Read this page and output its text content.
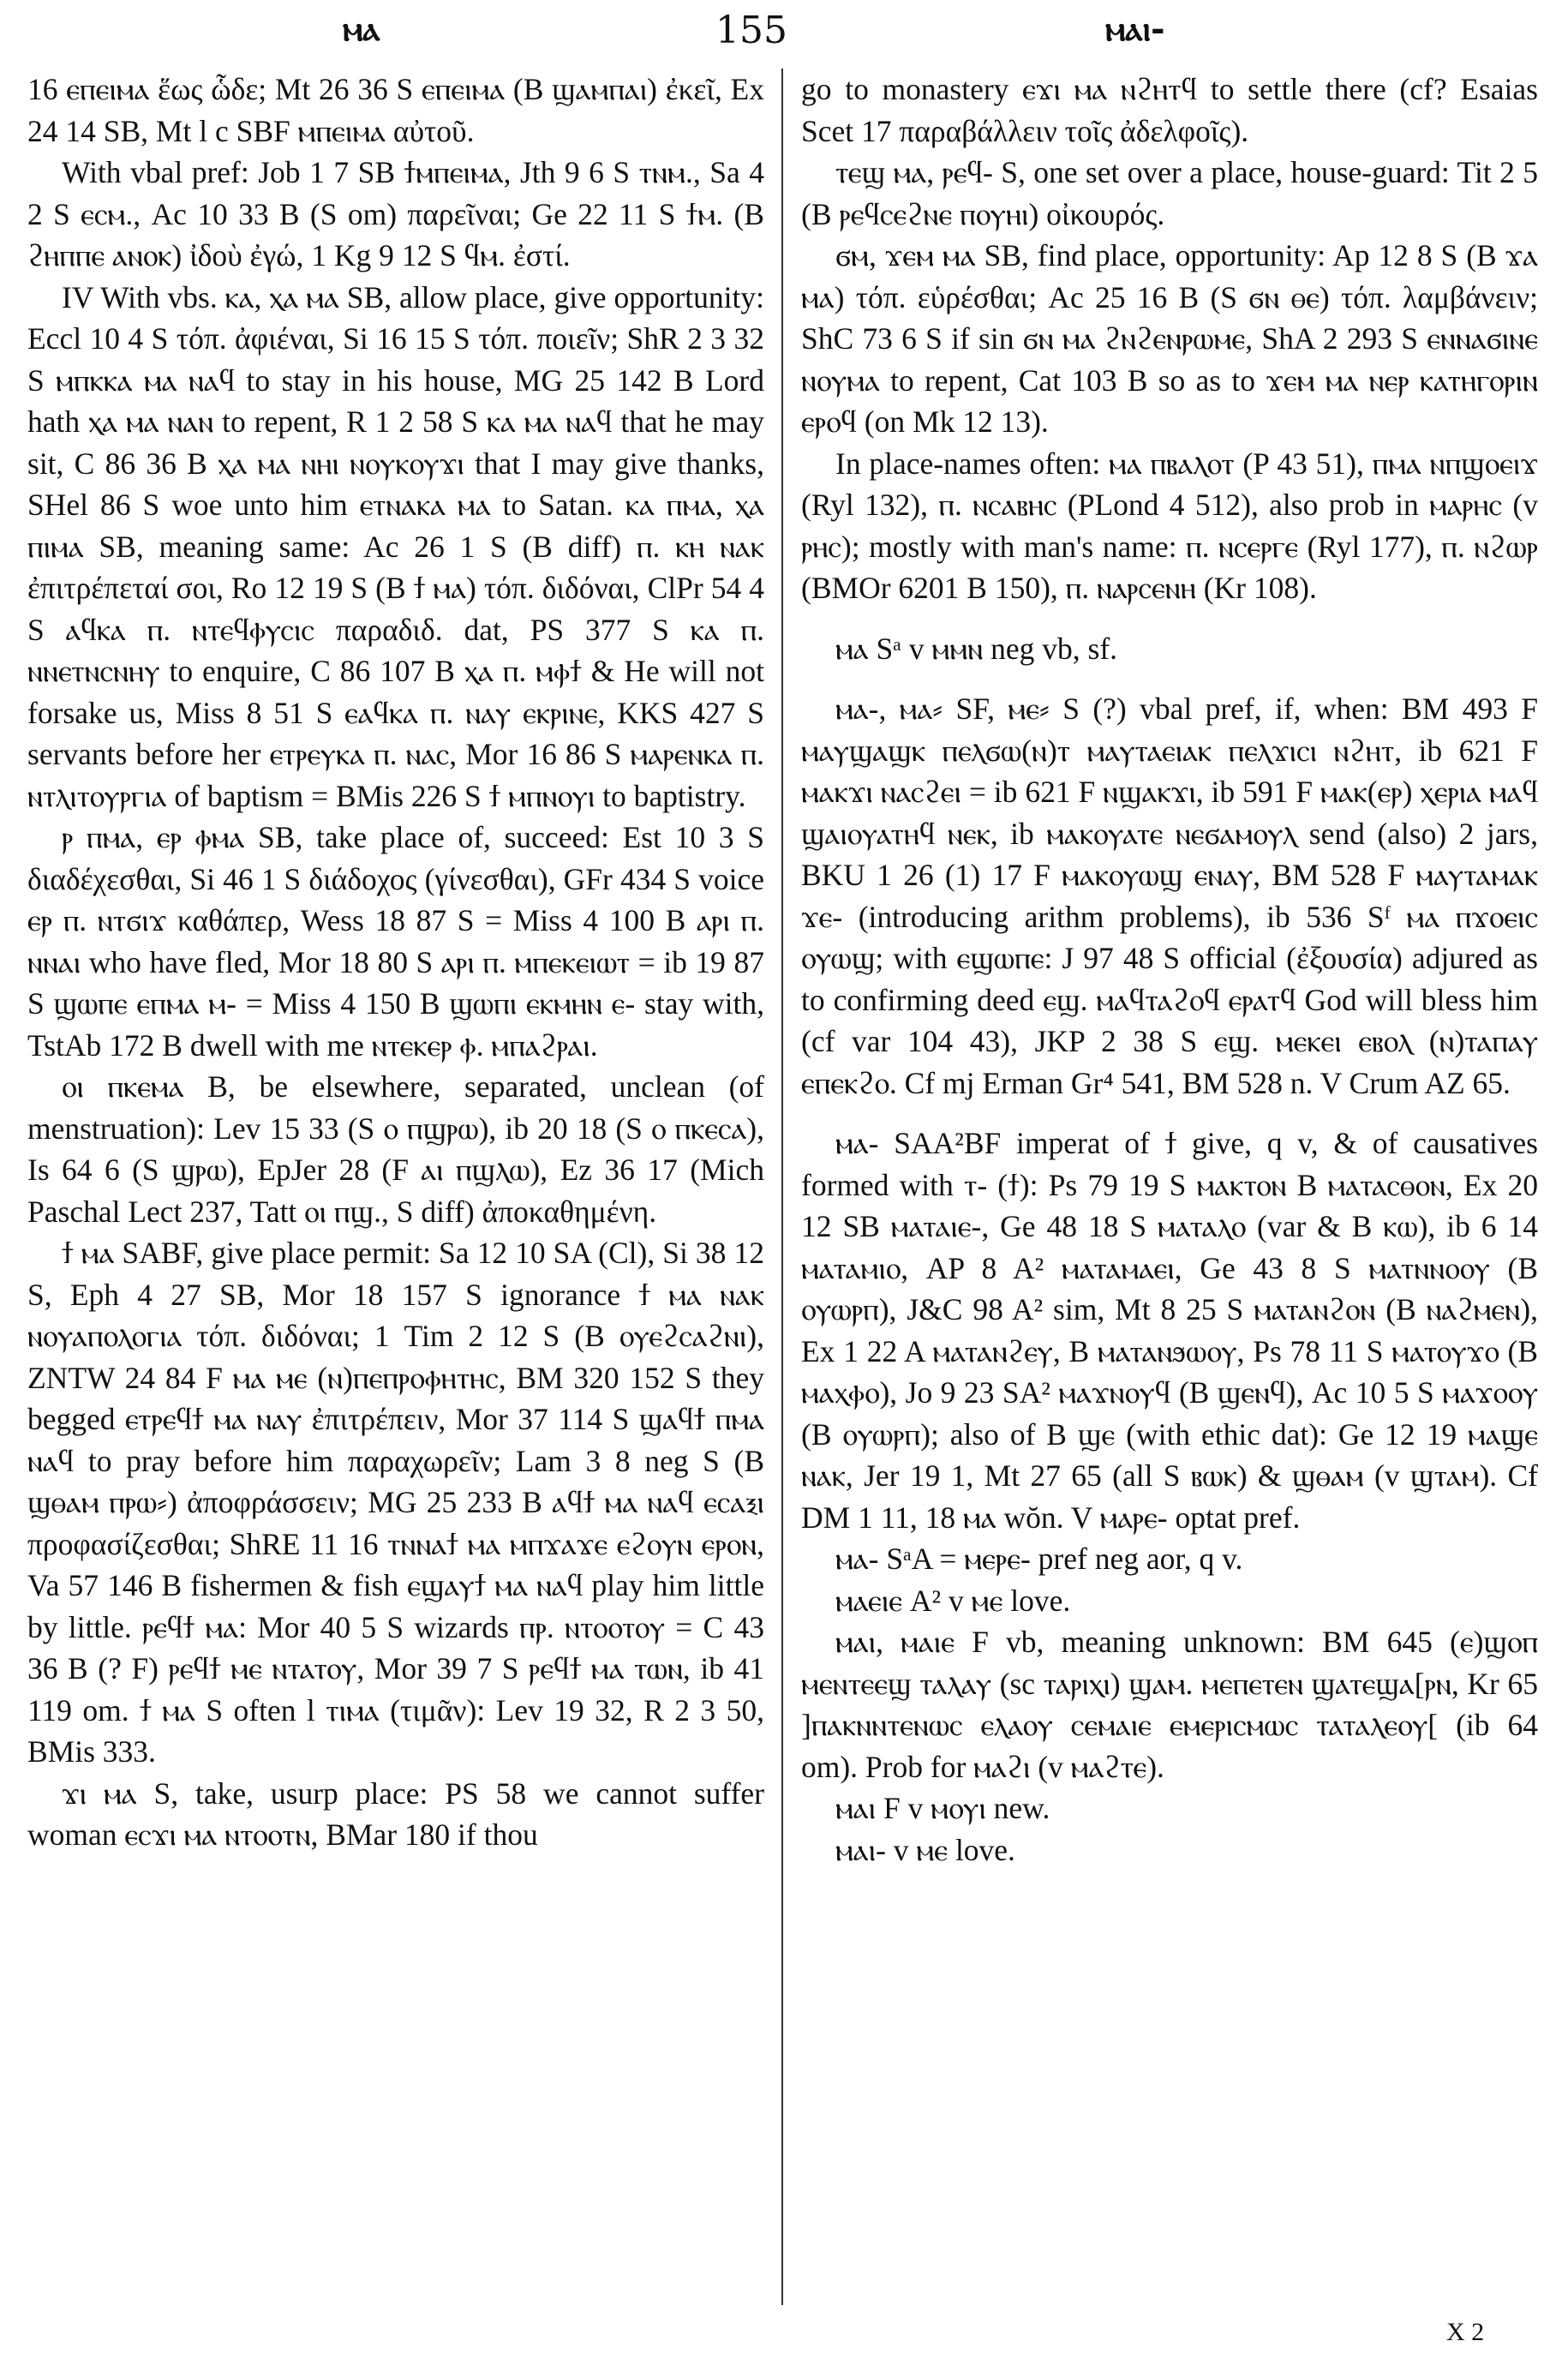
ⲙⲁ	155	ⲙⲁⲓ-

16 ⲉⲡⲉⲓⲙⲁ ἕως ὧδε; Mt 26 36 S ⲉⲡⲉⲓⲙⲁ (B ϣⲁⲙⲡⲁⲓ) ἐκεῖ, Ex 24 14 SB, Mt l c SBF ⲙⲡⲉⲓⲙⲁ αὐτοῦ.

With vbal pref: Job 1 7 SB ϯⲙⲡⲉⲓⲙⲁ, Jth 9 6 S ⲧⲛⲙ., Sa 4 2 S ⲉⲥⲙ., Ac 10 33 B (S om) παρεῖναι; Ge 22 11 S ϯⲙ. (B ϩⲏⲡⲡⲉ ⲁⲛⲟⲕ) ἰδοὺ ἐγώ, 1 Kg 9 12 S ϥⲙ. ἐστί.

IV With vbs. ⲕⲁ, ⲭⲁ ⲙⲁ SB, allow place, give opportunity: Eccl 10 4 S τόπ. ἀφιέναι, Si 16 15 S τόπ. ποιεῖν; ShR 2 3 32 S ⲙⲡⲕⲕⲁ ⲙⲁ ⲛⲁϥ to stay in his house, MG 25 142 B Lord hath ⲭⲁ ⲙⲁ ⲛⲁⲛ to repent, R 1 2 58 S ⲕⲁ ⲙⲁ ⲛⲁϥ that he may sit, C 86 36 B ⲭⲁ ⲙⲁ ⲛⲏⲓ ⲛⲟⲩⲕⲟⲩϫⲓ that I may give thanks, SHel 86 S woe unto him ⲉⲧⲛⲁⲕⲁ ⲙⲁ to Satan. ⲕⲁ ⲡⲙⲁ, ⲭⲁ ⲡⲓⲙⲁ SB, meaning same: Ac 26 1 S (B diff) ⲡ. ⲕⲏ ⲛⲁⲕ ἐπιτρέπεταί σοι, Ro 12 19 S (B ϯ ⲙⲁ) τόπ. διδόναι, ClPr 54 4 S ⲁϥⲕⲁ ⲡ. ⲛⲧⲉϥⲫⲩⲥⲓⲥ παραδιδ. dat, PS 377 S ⲕⲁ ⲡ. ⲛⲛⲉⲧⲛⲥⲛⲏⲩ to enquire, C 86 107 B ⲭⲁ ⲡ. ⲙⲫϯ & He will not forsake us, Miss 8 51 S ⲉⲁϥⲕⲁ ⲡ. ⲛⲁⲩ ⲉⲕⲣⲓⲛⲉ, KKS 427 S servants before her ⲉⲧⲣⲉⲩⲕⲁ ⲡ. ⲛⲁⲥ, Mor 16 86 S ⲙⲁⲣⲉⲛⲕⲁ ⲡ. ⲛⲧⲗⲓⲧⲟⲩⲣⲅⲓⲁ of baptism = BMis 226 S ϯ ⲙⲡⲛⲟⲩⲓ to baptistry.

ⲣ ⲡⲙⲁ, ⲉⲣ ⲫⲙⲁ SB, take place of, succeed: Est 10 3 S διαδέχεσθαι, Si 46 1 S διάδοχος (γίνεσθαι), GFr 434 S voice ⲉⲣ ⲡ. ⲛⲧϭⲓϫ καθάπερ, Wess 18 87 S = Miss 4 100 B ⲁⲣⲓ ⲡ. ⲛⲛⲁⲓ who have fled, Mor 18 80 S ⲁⲣⲓ ⲡ. ⲙⲡⲉⲕⲉⲓⲱⲧ = ib 19 87 S ϣⲱⲡⲉ ⲉⲡⲙⲁ ⲙ- = Miss 4 150 B ϣⲱⲡⲓ ⲉⲕⲙⲏⲛ ⲉ- stay with, TstAb 172 B dwell with me ⲛⲧⲉⲕⲉⲣ ⲫ. ⲙⲡⲁϩⲣⲁⲓ.

ⲟⲓ ⲡⲕⲉⲙⲁ B, be elsewhere, separated, unclean (of menstruation): Lev 15 33 (S ⲟ ⲡϣⲣⲱ), ib 20 18 (S ⲟ ⲡⲕⲉⲥⲁ), Is 64 6 (S ϣⲣⲱ), EpJer 28 (F ⲁⲓ ⲡϣⲗⲱ), Ez 36 17 (Mich Paschal Lect 237, Tatt ⲟⲓ ⲡϣ., S diff) ἀποκαθημένη.

ϯ ⲙⲁ SABF, give place permit: Sa 12 10 SA (Cl), Si 38 12 S, Eph 4 27 SB, Mor 18 157 S ignorance ϯ ⲙⲁ ⲛⲁⲕ ⲛⲟⲩⲁⲡⲟⲗⲟⲅⲓⲁ τόπ. διδόναι; 1 Tim 2 12 S (B ⲟⲩⲉϩⲥⲁϩⲛⲓ), ZNTW 24 84 F ⲙⲁ ⲙⲉ (ⲛ)ⲡⲉⲡⲣⲟⲫⲏⲧⲏⲥ, BM 320 152 S they begged ⲉⲧⲣⲉϥϯ ⲙⲁ ⲛⲁⲩ ἐπιτρέπειν, Mor 37 114 S ϣⲁϥϯ ⲡⲙⲁ ⲛⲁϥ to pray before him παραχωρεῖν; Lam 3 8 neg S (B ϣⲑⲁⲙ ⲡⲣⲱ⸗) ἀποφράσσειν; MG 25 233 B ⲁϥϯ ⲙⲁ ⲛⲁϥ ⲉⲥⲁⲝⲓ προφασίζεσθαι; ShRE 11 16 ⲧⲛⲛⲁϯ ⲙⲁ ⲙⲡϫⲁϫⲉ ⲉϩⲟⲩⲛ ⲉⲣⲟⲛ, Va 57 146 B fishermen & fish ⲉϣⲁⲩϯ ⲙⲁ ⲛⲁϥ play him little by little. ⲣⲉϥϯ ⲙⲁ: Mor 40 5 S wizards ⲡⲣ. ⲛⲧⲟⲟⲧⲟⲩ = C 43 36 B (? F) ⲣⲉϥϯ ⲙⲉ ⲛⲧⲁⲧⲟⲩ, Mor 39 7 S ⲣⲉϥϯ ⲙⲁ ⲧⲱⲛ, ib 41 119 om. ϯ ⲙⲁ S often l ⲧⲓⲙⲁ (τιμᾶν): Lev 19 32, R 2 3 50, BMis 333.

ϫⲓ ⲙⲁ S, take, usurp place: PS 58 we cannot suffer woman ⲉⲥϫⲓ ⲙⲁ ⲛⲧⲟⲟⲧⲛ, BMar 180 if thou

go to monastery ⲉϫⲓ ⲙⲁ ⲛϩⲏⲧϥ to settle there (cf? Esaias Scet 17 παραβάλλειν τοῖς ἀδελφοῖς).

ⲧⲉϣ ⲙⲁ, ⲣⲉϥ- S, one set over a place, house-guard: Tit 2 5 (B ⲣⲉϥⲥⲉϩⲛⲉ ⲡⲟⲩⲏⲓ) οἰκουρός.

ϭⲙ, ϫⲉⲙ ⲙⲁ SB, find place, opportunity: Ap 12 8 S (B ϫⲁ ⲙⲁ) τόπ. εὑρέσθαι; Ac 25 16 B (S ϭⲛ ⲑⲉ) τόπ. λαμβάνειν; ShC 73 6 S if sin ϭⲛ ⲙⲁ ϩⲛϩⲉⲛⲣⲱⲙⲉ, ShA 2 293 S ⲉⲛⲛⲁϭⲓⲛⲉ ⲛⲟⲩⲙⲁ to repent, Cat 103 B so as to ϫⲉⲙ ⲙⲁ ⲛⲉⲣ ⲕⲁⲧⲏⲅⲟⲣⲓⲛ ⲉⲣⲟϥ (on Mk 12 13).

In place-names often: ⲙⲁ ⲡⲃⲁⲗⲟⲧ (P 43 51), ⲡⲙⲁ ⲛⲡϣⲟⲉⲓϫ (Ryl 132), ⲡ. ⲛⲥⲁⲃⲏⲥ (PLond 4 512), also prob in ⲙⲁⲣⲏⲥ (v ⲣⲏⲥ); mostly with man's name: ⲡ. ⲛⲥⲉⲣⲅⲉ (Ryl 177), ⲡ. ⲛϩⲱⲣ (BMOr 6201 B 150), ⲡ. ⲛⲁⲣⲥⲉⲛⲏ (Kr 108).

ⲙⲁ Sᵃ v ⲙⲙⲛ neg vb, sf.

ⲙⲁ-, ⲙⲁ⸗ SF, ⲙⲉ⸗ S (?) vbal pref, if, when: BM 493 F ⲙⲁⲩϣⲁϣⲕ ⲡⲉⲗϭⲱ(ⲛ)ⲧ ⲙⲁⲩⲧⲁⲉⲓⲁⲕ ⲡⲉⲗϫⲓⲥⲓ ⲛϩⲏⲧ, ib 621 F ⲙⲁⲕϫⲓ ⲛⲁⲥϩⲉⲓ = ib 621 F ⲛϣⲁⲕϫⲓ, ib 591 F ⲙⲁⲕ(ⲉⲣ) ⲭⲉⲣⲓⲁ ⲙⲁϥ ϣⲁⲓⲟⲩⲁⲧⲏϥ ⲛⲉⲕ, ib ⲙⲁⲕⲟⲩⲁⲧⲉ ⲛⲉϭⲁⲙⲟⲩⲗ send (also) 2 jars, BKU 1 26 (1) 17 F ⲙⲁⲕⲟⲩⲱϣ ⲉⲛⲁⲩ, BM 528 F ⲙⲁⲩⲧⲁⲙⲁⲕ ϫⲉ- (introducing arithm problems), ib 536 Sᶠ ⲙⲁ ⲡϫⲟⲉⲓⲥ ⲟⲩⲱϣ; with ⲉϣⲱⲡⲉ: J 97 48 S official (ἐξουσία) adjured as to confirming deed ⲉϣ. ⲙⲁϥⲧⲁϩⲟϥ ⲉⲣⲁⲧϥ God will bless him (cf var 104 43), JKP 2 38 S ⲉϣ. ⲙⲉⲕⲉⲓ ⲉⲃⲟⲗ (ⲛ)ⲧⲁⲡⲁⲩ ⲉⲡⲉⲕϩⲟ. Cf mj Erman Gr⁴ 541, BM 528 n. V Crum AZ 65.

ⲙⲁ- SAA²BF imperat of ϯ give, q v, & of causatives formed with ⲧ- (ϯ): Ps 79 19 S ⲙⲁⲕⲧⲟⲛ B ⲙⲁⲧⲁⲥⲑⲟⲛ, Ex 20 12 SB ⲙⲁⲧⲁⲓⲉ-, Ge 48 18 S ⲙⲁⲧⲁⲗⲟ (var & B ⲕⲱ), ib 6 14 ⲙⲁⲧⲁⲙⲓⲟ, AP 8 A² ⲙⲁⲧⲁⲙⲁⲉⲓ, Ge 43 8 S ⲙⲁⲧⲛⲛⲟⲟⲩ (B ⲟⲩⲱⲣⲡ), J&C 98 A² sim, Mt 8 25 S ⲙⲁⲧⲁⲛϩⲟⲛ (B ⲛⲁϩⲙⲉⲛ), Ex 1 22 A ⲙⲁⲧⲁⲛϩⲉⲩ, B ⲙⲁⲧⲁⲛϧⲱⲟⲩ, Ps 78 11 S ⲙⲁⲧⲟⲩϫⲟ (B ⲙⲁⲭⲫⲟ), Jo 9 23 SA² ⲙⲁϫⲛⲟⲩϥ (B ϣⲉⲛϥ), Ac 10 5 S ⲙⲁϫⲟⲟⲩ (B ⲟⲩⲱⲣⲡ); also of B ϣⲉ (with ethic dat): Ge 12 19 ⲙⲁϣⲉ ⲛⲁⲕ, Jer 19 1, Mt 27 65 (all S ⲃⲱⲕ) & ϣⲑⲁⲙ (v ϣⲧⲁⲙ). Cf DM 1 11, 18 ⲙⲁ wŏn. V ⲙⲁⲣⲉ- optat pref.

ⲙⲁ- SᵃA = ⲙⲉⲣⲉ- pref neg aor, q v.

ⲙⲁⲉⲓⲉ A² v ⲙⲉ love.

ⲙⲁⲓ, ⲙⲁⲓⲉ F vb, meaning unknown: BM 645 (ⲉ)ϣⲟⲡ ⲙⲉⲛⲧⲉⲉϣ ⲧⲁⲗⲁⲩ (sc ⲧⲁⲣⲓⲭⲓ) ϣⲁⲙ. ⲙⲉⲡⲉⲧⲉⲛ ϣⲁⲧⲉϣⲁ[ⲣⲛ, Kr 65 ]ⲡⲁⲕⲛⲛⲧⲉⲛⲱⲥ ⲉⲗⲁⲟⲩ ⲥⲉⲙⲁⲓⲉ ⲉⲙⲉⲣⲓⲥⲙⲱⲥ ⲧⲁⲧⲁⲗⲉⲟⲩ[ (ib 64 om). Prob for ⲙⲁϩⲓ (v ⲙⲁϩⲧⲉ).

ⲙⲁⲓ F v ⲙⲟⲩⲓ new.

ⲙⲁⲓ- v ⲙⲉ love.

X 2
